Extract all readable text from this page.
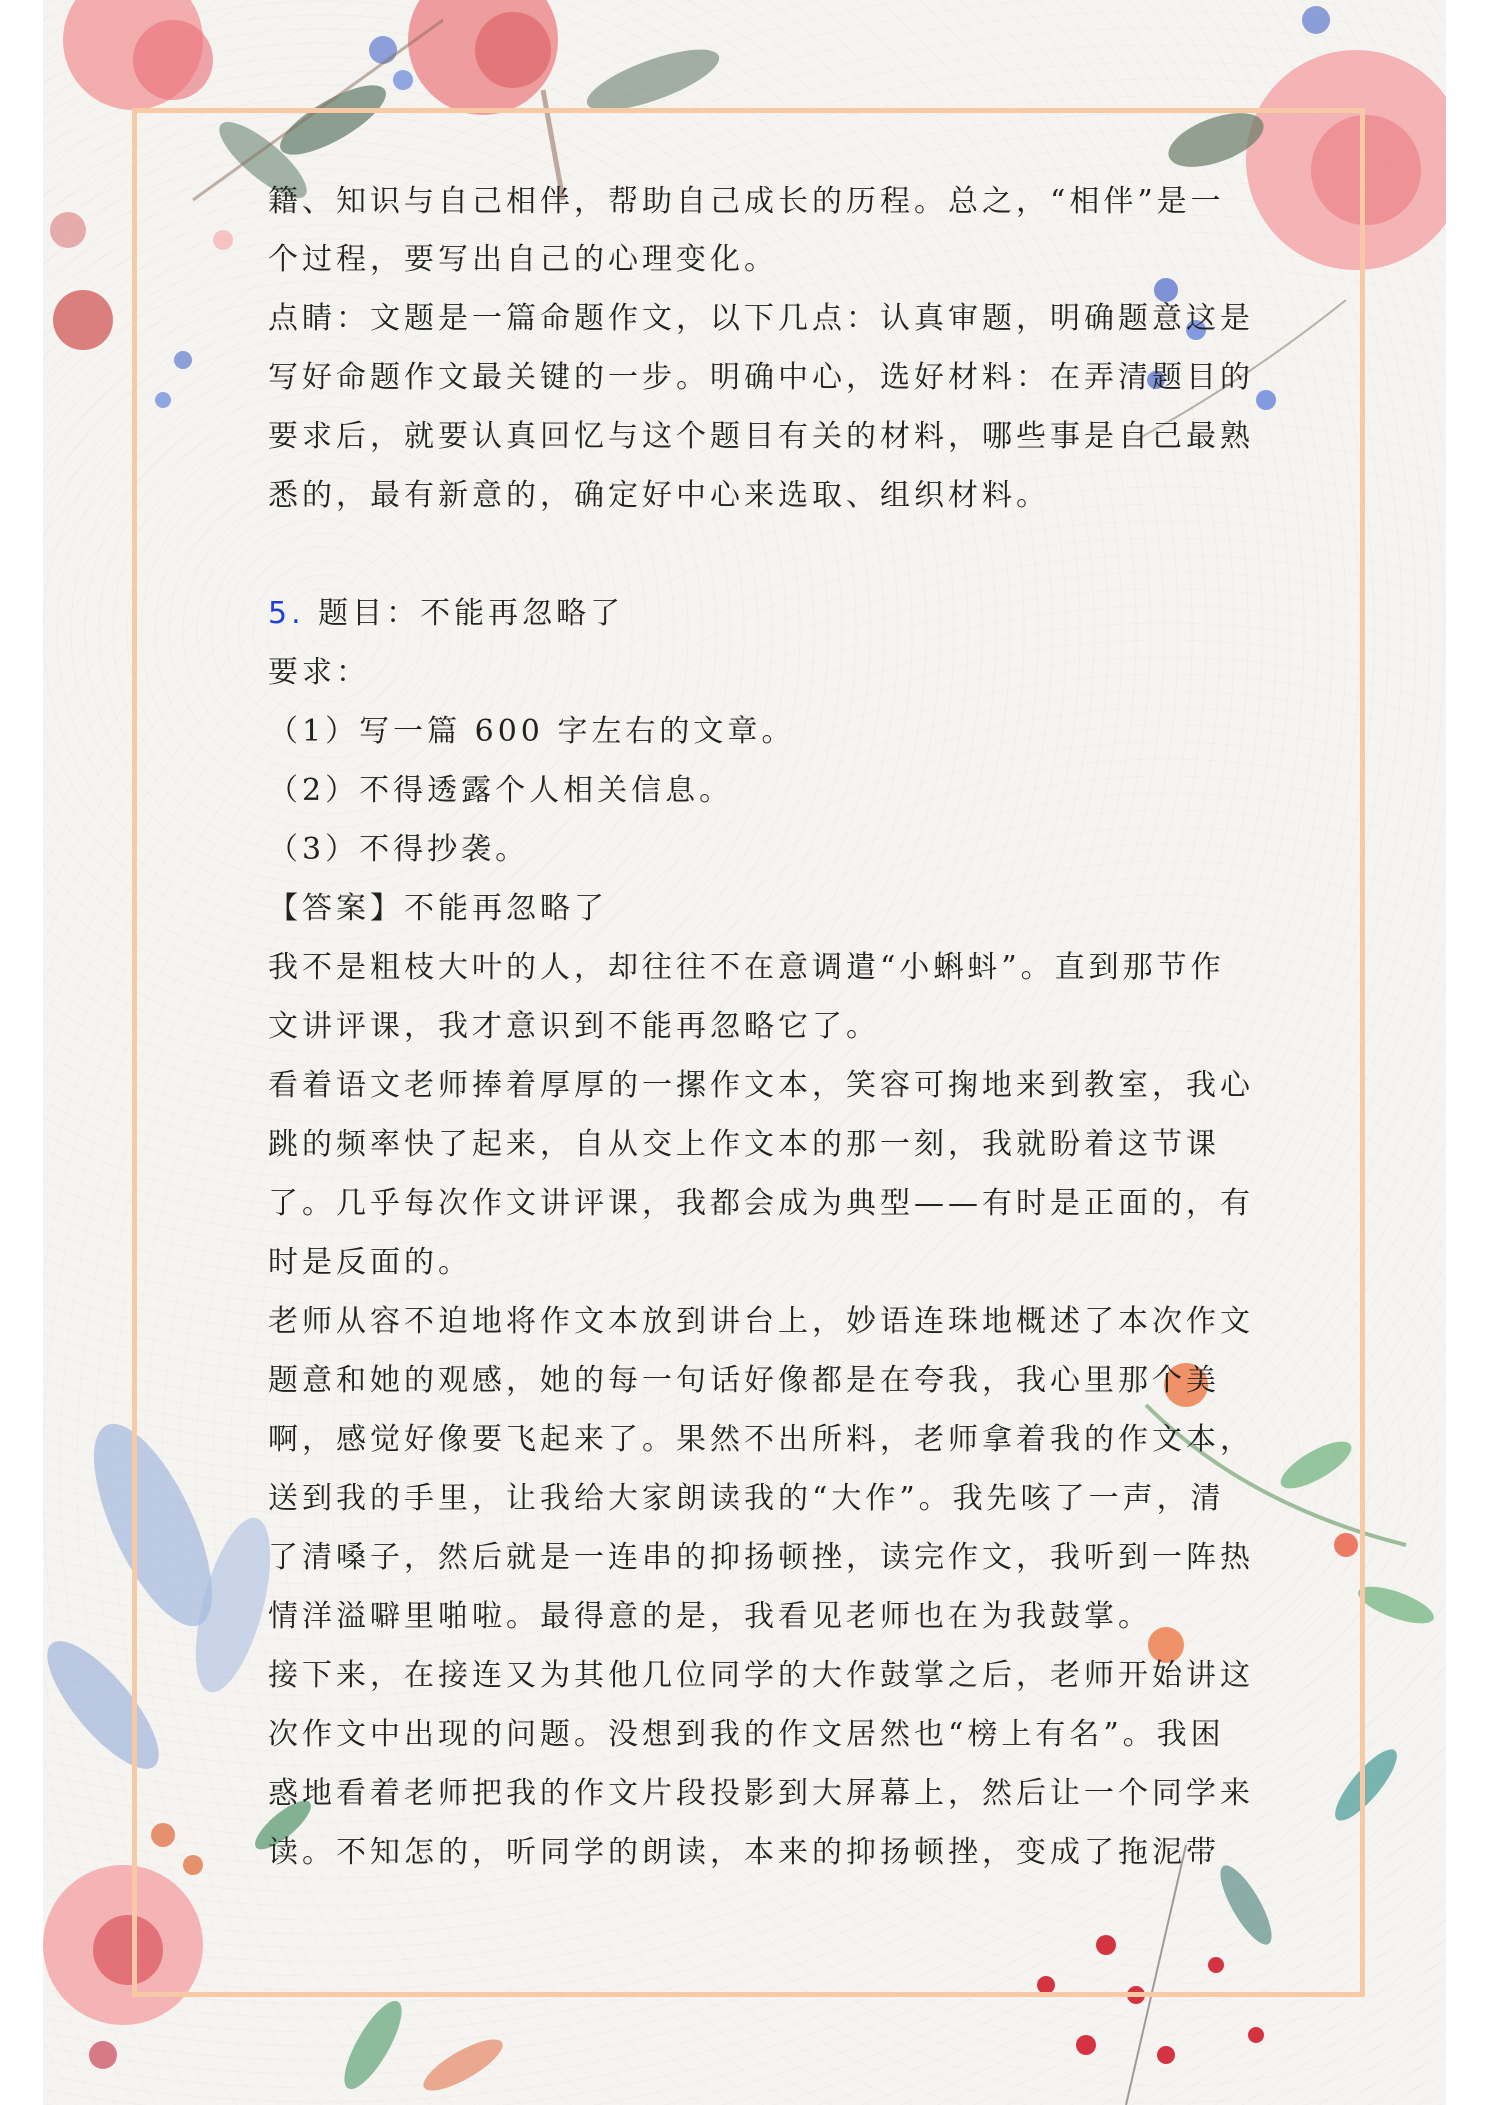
籍、知识与自己相伴，帮助自己成长的历程。总之，“相伴”是一
个过程，要写出自己的心理变化。
点睛：文题是一篇命题作文，以下几点：认真审题，明确题意这是
写好命题作文最关键的一步。明确中心，选好材料：在弄清题目的
要求后，就要认真回忆与这个题目有关的材料，哪些事是自己最熟
悉的，最有新意的，确定好中心来选取、组织材料。
5. 题目：不能再忽略了
要求：
（1）写一篇 600 字左右的文章。
（2）不得透露个人相关信息。
（3）不得抄袭。
【答案】不能再忽略了
我不是粗枝大叶的人，却往往不在意调遣“小蝌蚪”。直到那节作
文讲评课，我才意识到不能再忽略它了。
看着语文老师捧着厚厚的一摞作文本，笑容可掬地来到教室，我心
跳的频率快了起来，自从交上作文本的那一刻，我就盼着这节课
了。几乎每次作文讲评课，我都会成为典型——有时是正面的，有
时是反面的。
老师从容不迫地将作文本放到讲台上，妙语连珠地概述了本次作文
题意和她的观感，她的每一句话好像都是在夸我，我心里那个美
啊，感觉好像要飞起来了。果然不出所料，老师拿着我的作文本，
送到我的手里，让我给大家朗读我的“大作”。我先咳了一声，清
了清嗓子，然后就是一连串的抑扬顿挫，读完作文，我听到一阵热
情洋溢噼里啪啦。最得意的是，我看见老师也在为我鼓掌。
接下来，在接连又为其他几位同学的大作鼓掌之后，老师开始讲这
次作文中出现的问题。没想到我的作文居然也“榜上有名”。我困
惑地看着老师把我的作文片段投影到大屏幕上，然后让一个同学来
读。不知怎的，听同学的朗读，本来的抑扬顿挫，变成了拖泥带
